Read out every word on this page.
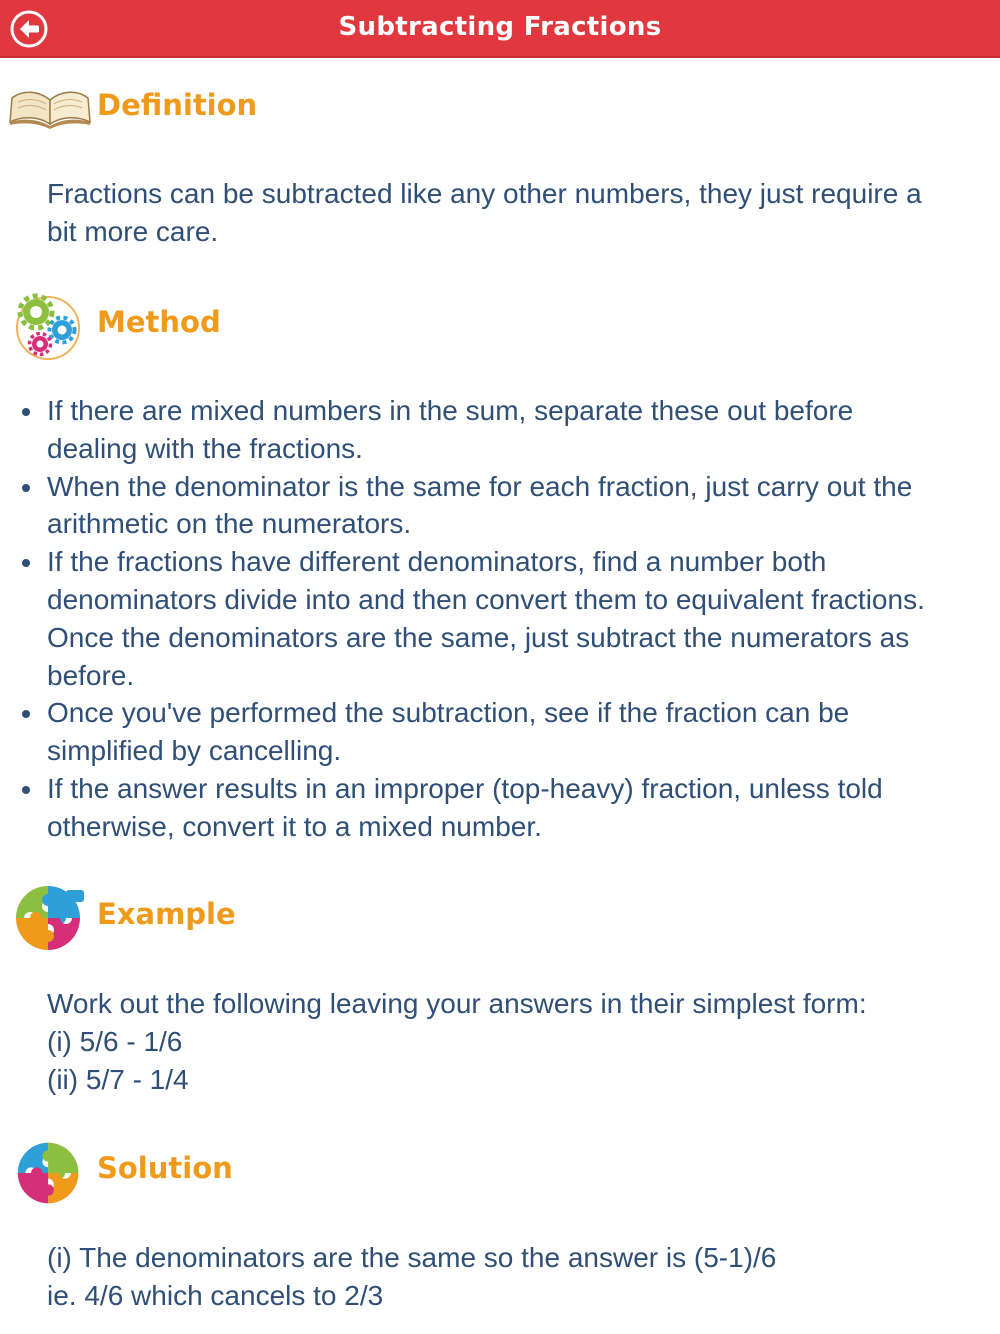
Subtracting Fractions
Definition
Fractions can be subtracted like any other numbers, they just require a
bit more care.
Method
If there are mixed numbers in the sum, separate these out before
dealing with the fractions.
When the denominator is the same for each fraction, just carry out the
arithmetic on the numerators.
If the fractions have different denominators, find a number both
denominators divide into and then convert them to equivalent fractions.
Once the denominators are the same, just subtract the numerators as
before.
Once you've performed the subtraction, see if the fraction can be
simplified by cancelling.
If the answer results in an improper (top-heavy) fraction, unless told
otherwise, convert it to a mixed number.
Example
Work out the following leaving your answers in their simplest form:
(i) 5/6 - 1/6
(ii) 5/7 - 1/4
Solution
(i) The denominators are the same so the answer is (5-1)/6
ie. 4/6 which cancels to 2/3
